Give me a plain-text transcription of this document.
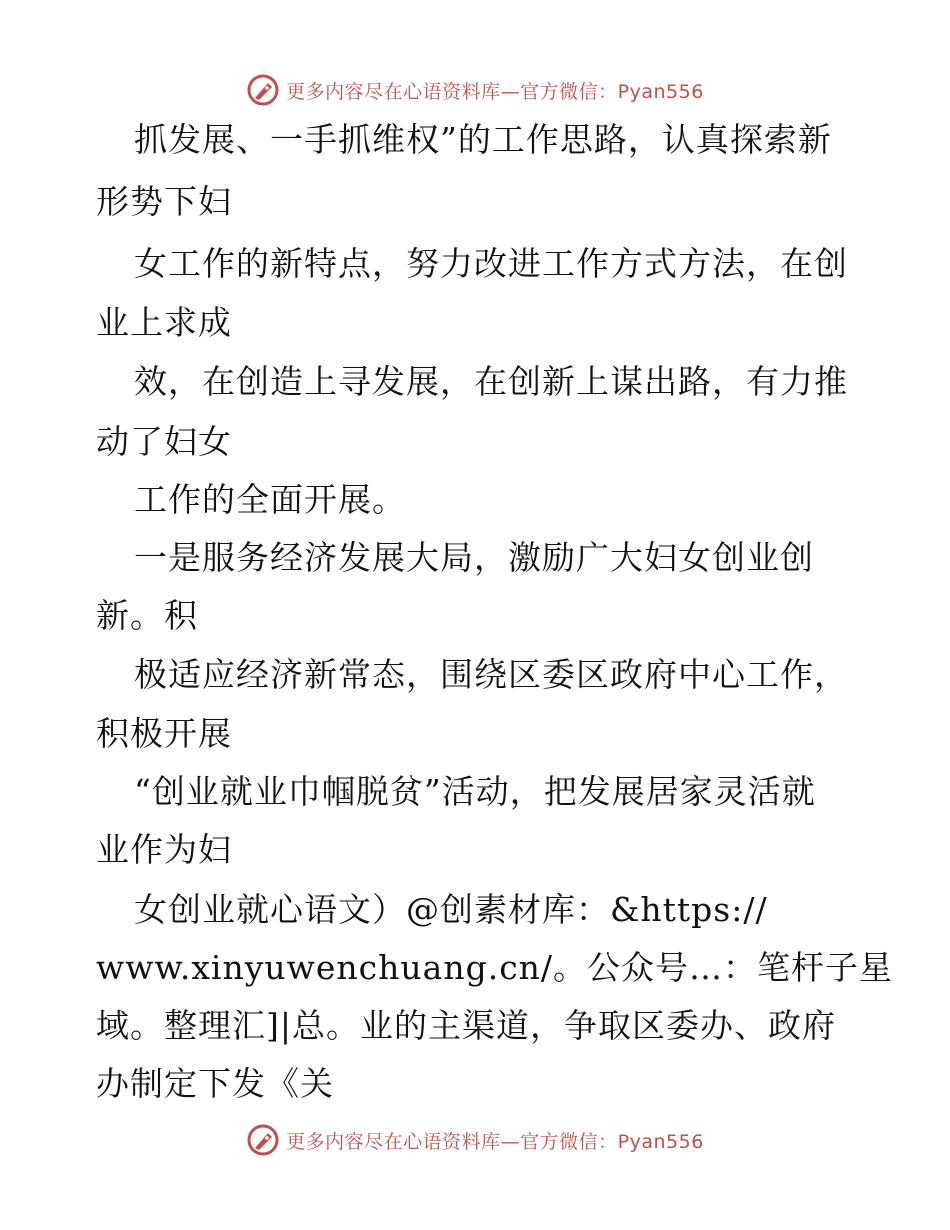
更多内容尽在心语资料库—官方微信：Pyan556
抓发展、一手抓维权”的工作思路，认真探索新
形势下妇
女工作的新特点，努力改进工作方式方法，在创
业上求成
效，在创造上寻发展，在创新上谋出路，有力推
动了妇女
工作的全面开展。
一是服务经济发展大局，激励广大妇女创业创
新。积
极适应经济新常态，围绕区委区政府中心工作，
积极开展
“创业就业巾帼脱贫”活动，把发展居家灵活就
业作为妇
女创业就心语文）@创素材库：&https://
www.xinyuwenchuang.cn/。公众号…：笔杆子星
域。整理汇]|总。业的主渠道，争取区委办、政府
办制定下发《关
更多内容尽在心语资料库—官方微信：Pyan556
